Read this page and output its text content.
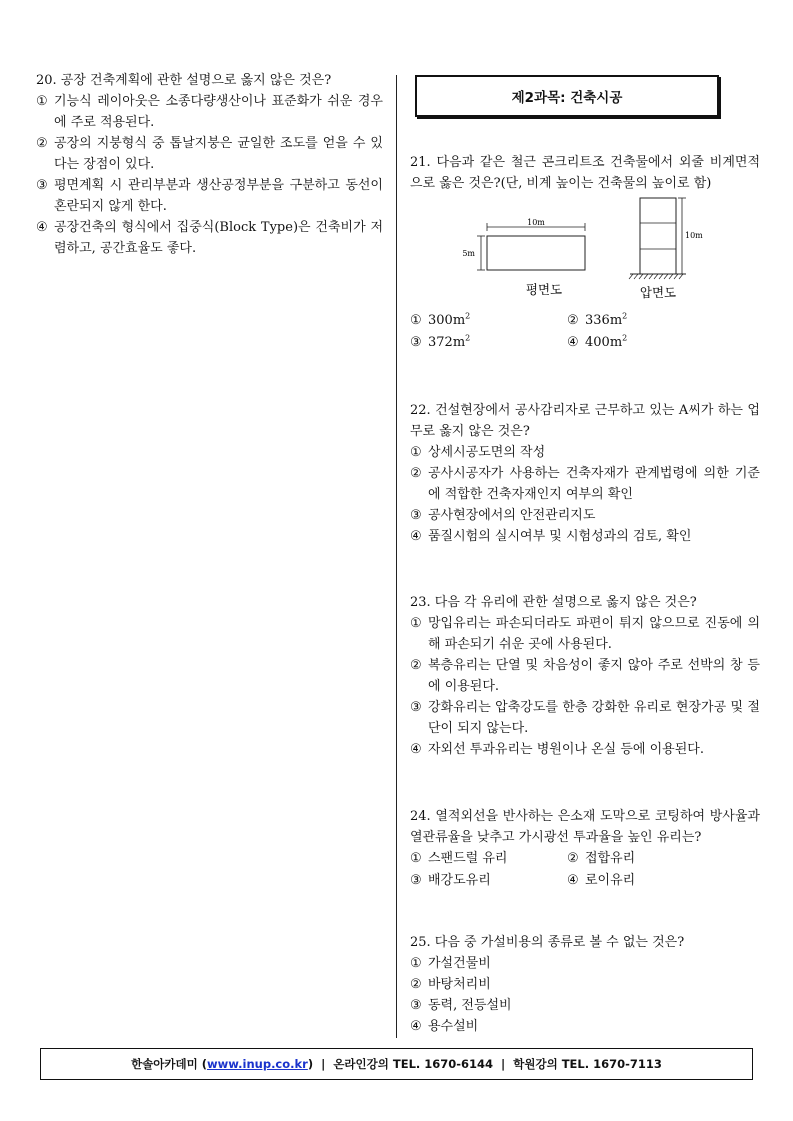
20. 공장 건축계획에 관한 설명으로 옳지 않은 것은?
① 기능식 레이아웃은 소종다량생산이나 표준화가 쉬운 경우에 주로 적용된다.
② 공장의 지붕형식 중 톱날지붕은 균일한 조도를 얻을 수 있다는 장점이 있다.
③ 평면계획 시 관리부분과 생산공정부분을 구분하고 동선이 혼란되지 않게 한다.
④ 공장건축의 형식에서 집중식(Block Type)은 건축비가 저렴하고, 공간효율도 좋다.
제2과목: 건축시공
21. 다음과 같은 철근 콘크리트조 건축물에서 외줄 비계면적으로 옳은 것은?(단, 비계 높이는 건축물의 높이로 함)
10m
5m
평면도
10m
압면도
① $300m^2$	② $336m^2$
③ $372m^2$	④ $400m^2$
22. 건설현장에서 공사감리자로 근무하고 있는 A씨가 하는 업무로 옳지 않은 것은?
① 상세시공도면의 작성
② 공사시공자가 사용하는 건축자재가 관계법령에 의한 기준에 적합한 건축자재인지 여부의 확인
③ 공사현장에서의 안전관리지도
④ 품질시험의 실시여부 및 시험성과의 검토, 확인
23. 다음 각 유리에 관한 설명으로 옳지 않은 것은?
① 망입유리는 파손되더라도 파편이 튀지 않으므로 진동에 의해 파손되기 쉬운 곳에 사용된다.
② 복층유리는 단열 및 차음성이 좋지 않아 주로 선박의 창 등에 이용된다.
③ 강화유리는 압축강도를 한층 강화한 유리로 현장가공 및 절단이 되지 않는다.
④ 자외선 투과유리는 병원이나 온실 등에 이용된다.
24. 열적외선을 반사하는 은소재 도막으로 코팅하여 방사율과 열관류율을 낮추고 가시광선 투과율을 높인 유리는?
① 스팬드럴 유리	② 접합유리
③ 배강도유리	④ 로이유리
25. 다음 중 가설비용의 종류로 볼 수 없는 것은?
① 가설건물비
② 바탕처리비
③ 동력, 전등설비
④ 용수설비
한솔아카데미 ( www.inup.co.kr )  |  온라인강의 TEL. 1670-6144  |  학원강의 TEL. 1670-7113
